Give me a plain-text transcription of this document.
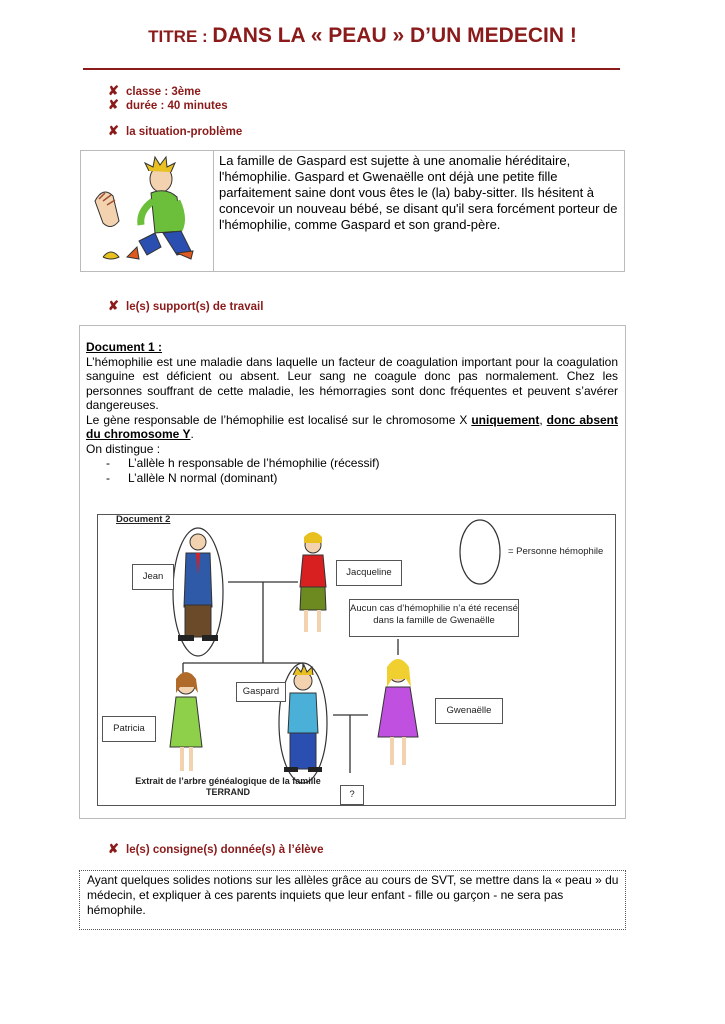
TITRE : DANS LA « PEAU » D’UN MEDECIN !
✘ classe : 3ème
✘ durée : 40 minutes
✘ la situation-problème
La famille de Gaspard est sujette à une anomalie héréditaire, l'hémophilie. Gaspard et Gwenaëlle ont déjà une petite fille parfaitement saine dont vous êtes le (la) baby-sitter. Ils hésitent à concevoir un nouveau bébé, se disant qu'il sera forcément porteur de l'hémophilie, comme Gaspard et son grand-père.
✘ le(s) support(s) de travail
Document 1 :
L’hémophilie est une maladie dans laquelle un facteur de coagulation important pour la coagulation sanguine est déficient ou absent. Leur sang ne coagule donc pas normalement. Chez les personnes souffrant de cette maladie, les hémorragies sont donc fréquentes et peuvent s’avérer dangereuses.
Le gène responsable de l’hémophilie est localisé sur le chromosome X uniquement, donc absent du chromosome Y.
On distingue :
- L’allèle h responsable de l’hémophilie (récessif)
- L’allèle N normal (dominant)
Document 2
= Personne hémophile
Jean	Jacqueline
Aucun cas d’hémophilie n’a été recensé dans la famille de Gwenaëlle
Gaspard
Patricia
Gwenaëlle
?
Extrait de l’arbre généalogique de la famille
TERRAND
✘ le(s) consigne(s) donnée(s) à l’élève
Ayant quelques solides notions sur les allèles grâce au cours de SVT, se mettre dans la « peau » du médecin, et expliquer à ces parents inquiets que leur enfant - fille ou garçon - ne sera pas hémophile.
